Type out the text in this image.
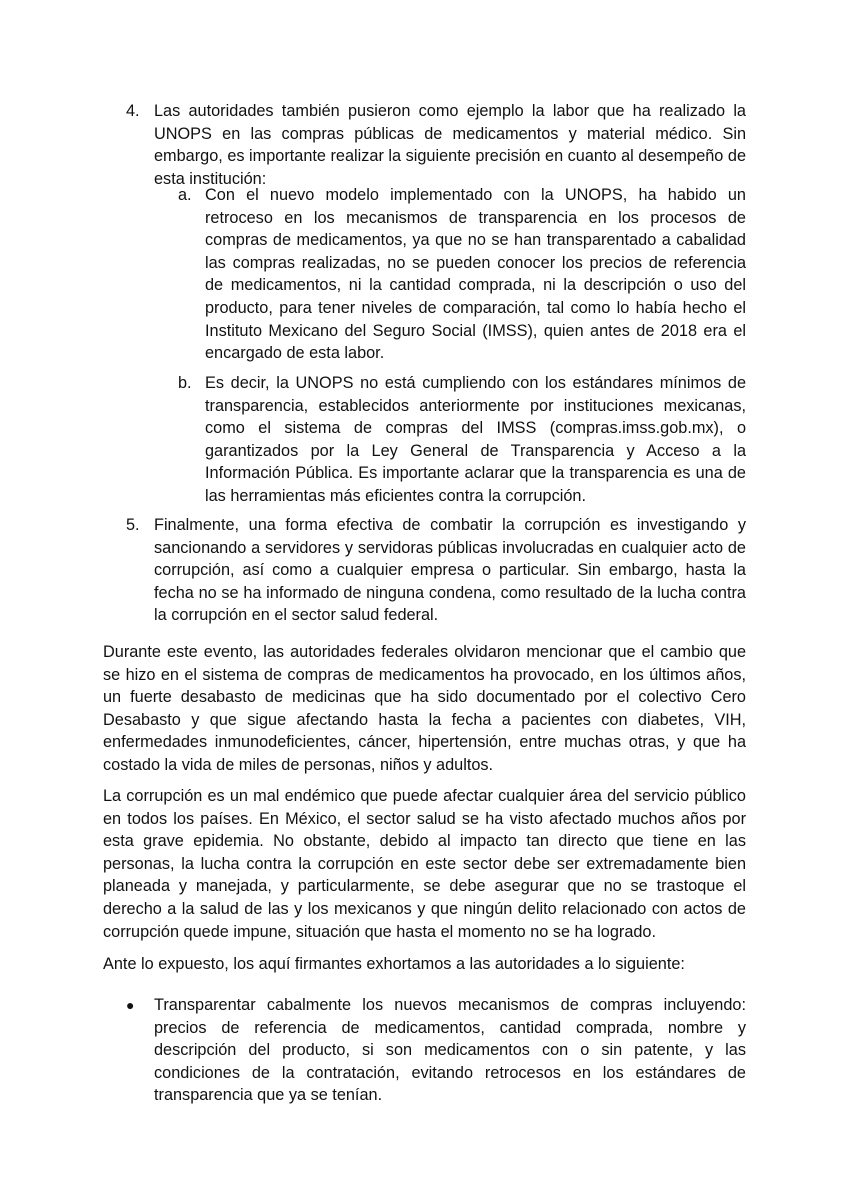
4. Las autoridades también pusieron como ejemplo la labor que ha realizado la UNOPS en las compras públicas de medicamentos y material médico. Sin embargo, es importante realizar la siguiente precisión en cuanto al desempeño de esta institución:

a. Con el nuevo modelo implementado con la UNOPS, ha habido un retroceso en los mecanismos de transparencia en los procesos de compras de medicamentos, ya que no se han transparentado a cabalidad las compras realizadas, no se pueden conocer los precios de referencia de medicamentos, ni la cantidad comprada, ni la descripción o uso del producto, para tener niveles de comparación, tal como lo había hecho el Instituto Mexicano del Seguro Social (IMSS), quien antes de 2018 era el encargado de esta labor.

b. Es decir, la UNOPS no está cumpliendo con los estándares mínimos de transparencia, establecidos anteriormente por instituciones mexicanas, como el sistema de compras del IMSS (compras.imss.gob.mx), o garantizados por la Ley General de Transparencia y Acceso a la Información Pública. Es importante aclarar que la transparencia es una de las herramientas más eficientes contra la corrupción.

5. Finalmente, una forma efectiva de combatir la corrupción es investigando y sancionando a servidores y servidoras públicas involucradas en cualquier acto de corrupción, así como a cualquier empresa o particular. Sin embargo, hasta la fecha no se ha informado de ninguna condena, como resultado de la lucha contra la corrupción en el sector salud federal.

Durante este evento, las autoridades federales olvidaron mencionar que el cambio que se hizo en el sistema de compras de medicamentos ha provocado, en los últimos años, un fuerte desabasto de medicinas que ha sido documentado por el colectivo Cero Desabasto y que sigue afectando hasta la fecha a pacientes con diabetes, VIH, enfermedades inmunodeficientes, cáncer, hipertensión, entre muchas otras, y que ha costado la vida de miles de personas, niños y adultos.

La corrupción es un mal endémico que puede afectar cualquier área del servicio público en todos los países. En México, el sector salud se ha visto afectado muchos años por esta grave epidemia. No obstante, debido al impacto tan directo que tiene en las personas, la lucha contra la corrupción en este sector debe ser extremadamente bien planeada y manejada, y particularmente, se debe asegurar que no se trastoque el derecho a la salud de las y los mexicanos y que ningún delito relacionado con actos de corrupción quede impune, situación que hasta el momento no se ha logrado.

Ante lo expuesto, los aquí firmantes exhortamos a las autoridades a lo siguiente:

● Transparentar cabalmente los nuevos mecanismos de compras incluyendo: precios de referencia de medicamentos, cantidad comprada, nombre y descripción del producto, si son medicamentos con o sin patente, y las condiciones de la contratación, evitando retrocesos en los estándares de transparencia que ya se tenían.
